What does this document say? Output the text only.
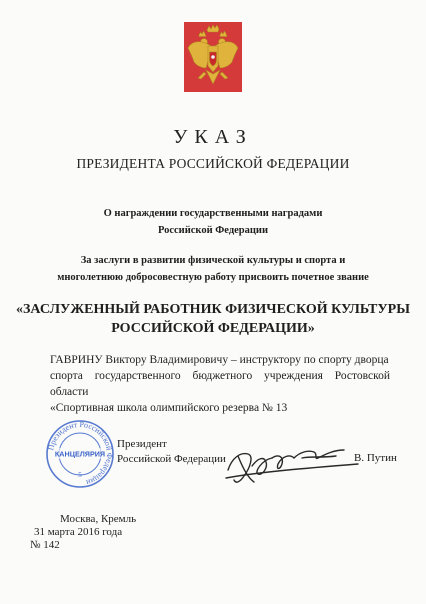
УКАЗ
ПРЕЗИДЕНТА РОССИЙСКОЙ ФЕДЕРАЦИИ
О награждении государственными наградами
Российской Федерации
За заслуги в развитии физической культуры и спорта и
многолетнюю добросовестную работу присвоить почетное звание
«ЗАСЛУЖЕННЫЙ РАБОТНИК ФИЗИЧЕСКОЙ КУЛЬТУРЫ
РОССИЙСКОЙ ФЕДЕРАЦИИ»
ГАВРИНУ Виктору Владимировичу – инструктору по спорту дворца
спорта государственного бюджетного учреждения Ростовской области
«Спортивная школа олимпийского резерва № 13
Президент Российской Федерации
КАНЦЕЛЯРИЯ
5
Президент
Российской Федерации	В. Путин
Москва, Кремль
31 марта 2016 года
№ 142
